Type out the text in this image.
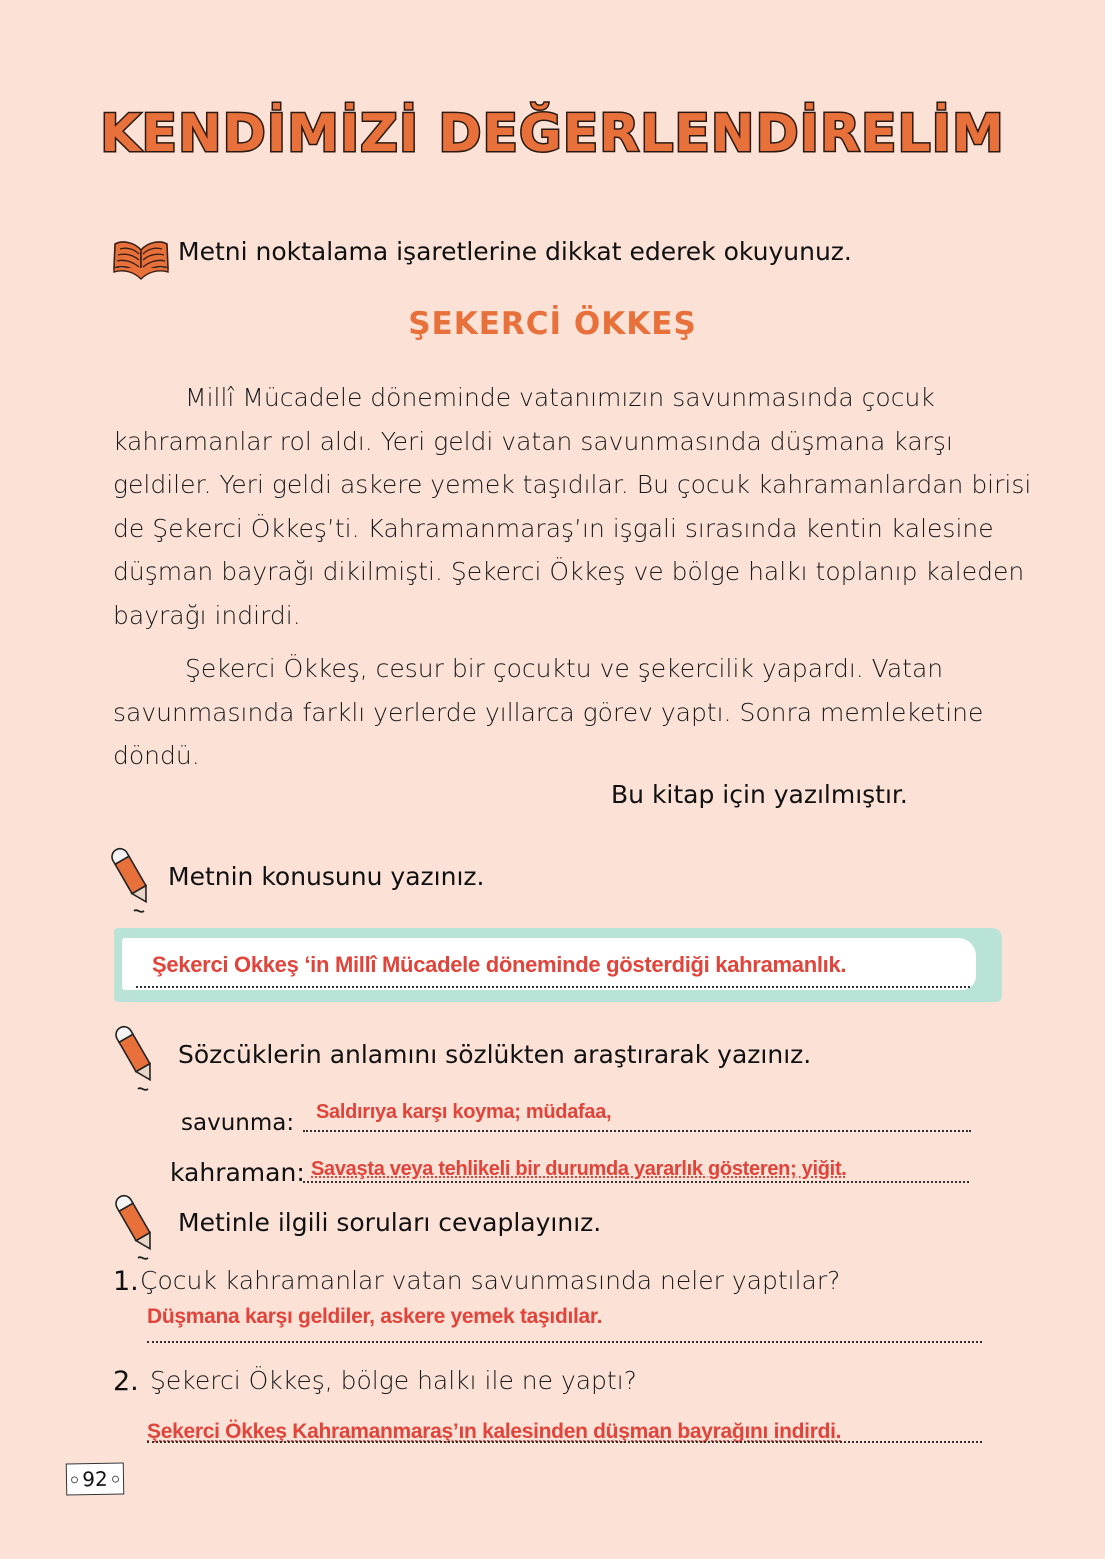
KENDİMİZİ DEĞERLENDİRELİM
Metni noktalama işaretlerine dikkat ederek okuyunuz.
ŞEKERCİ ÖKKEŞ
Millî Mücadele döneminde vatanımızın savunmasında çocuk
kahramanlar rol aldı. Yeri geldi vatan savunmasında düşmana karşı
geldiler. Yeri geldi askere yemek taşıdılar. Bu çocuk kahramanlardan birisi
de Şekerci Ökkeş’ti. Kahramanmaraş’ın işgali sırasında kentin kalesine
düşman bayrağı dikilmişti. Şekerci Ökkeş ve bölge halkı toplanıp kaleden
bayrağı indirdi.
Şekerci Ökkeş, cesur bir çocuktu ve şekercilik yapardı. Vatan
savunmasında farklı yerlerde yıllarca görev yaptı. Sonra memleketine
döndü.
Bu kitap için yazılmıştır.
Metnin konusunu yazınız.
Şekerci Okkeş ‘in Millî Mücadele döneminde gösterdiği kahramanlık.
Sözcüklerin anlamını sözlükten araştırarak yazınız.
savunma: Saldırıya karşı koyma; müdafaa,
kahraman: Savaşta veya tehlikeli bir durumda yararlık gösteren; yiğit.
Metinle ilgili soruları cevaplayınız.
1. Çocuk kahramanlar vatan savunmasında neler yaptılar?
Düşmana karşı geldiler, askere yemek taşıdılar.
2. Şekerci Ökkeş, bölge halkı ile ne yaptı?
Şekerci Ökkeş Kahramanmaraş’ın kalesinden düşman bayrağını indirdi.
92
